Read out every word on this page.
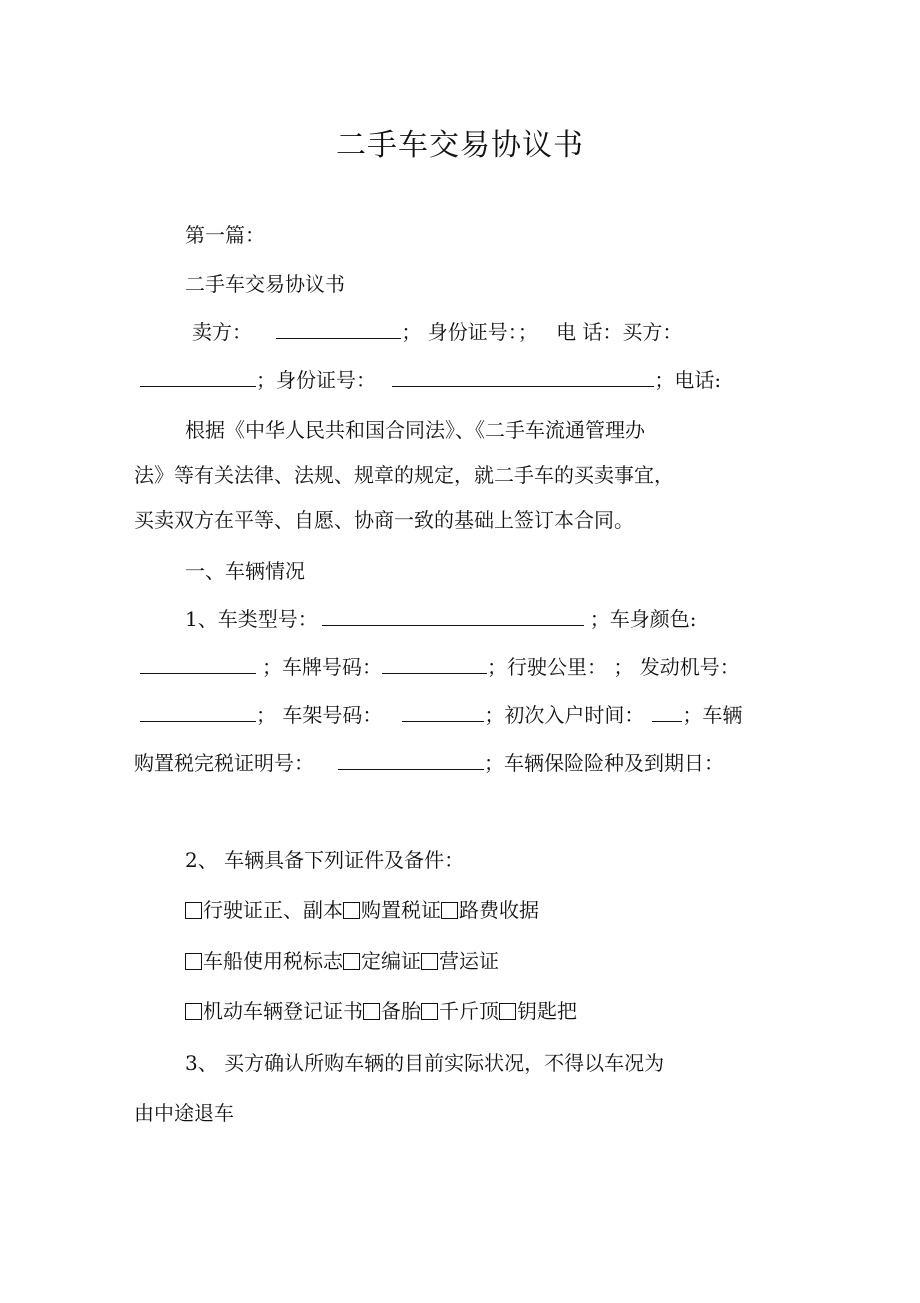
二手车交易协议书
第一篇：
二手车交易协议书
卖方：	； 身份证号：； 电 话：买方：
；身份证号：	；电话:
根据《中华人民共和国合同法》、《二手车流通管理办
法》等有关法律、法规、规章的规定，就二手车的买卖事宜，
买卖双方在平等、自愿、协商一致的基础上签订本合同。
一、车辆情况
1、车类型号：	；车身颜色:
；车牌号码：	；行驶公里： ； 发动机号：
； 车架号码：	；初次入户时间： ；车辆
购置税完税证明号：	；车辆保险险种及到期日：
2、 车辆具备下列证件及备件：
行驶证正、副本 购置税证 路费收据
车船使用税标志 定编证 营运证
机动车辆登记证书 备胎 千斤顶 钥匙把
3、 买方确认所购车辆的目前实际状况，不得以车况为
由中途退车
